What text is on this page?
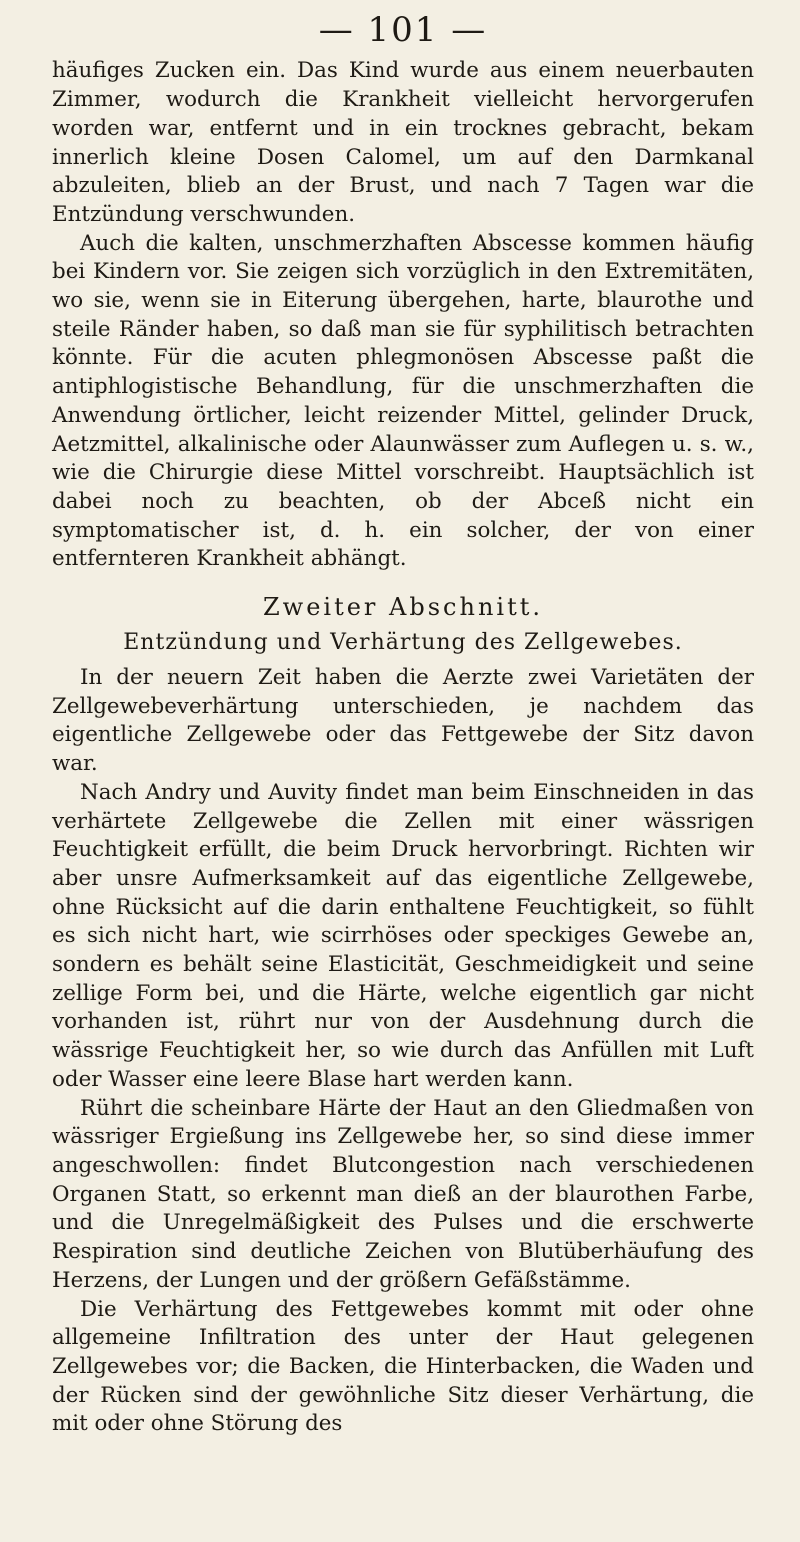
— 101 —

häufiges Zucken ein. Das Kind wurde aus einem neuerbauten Zimmer, wodurch die Krankheit vielleicht hervorgerufen worden war, entfernt und in ein trocknes gebracht, bekam innerlich kleine Dosen Calomel, um auf den Darmkanal abzuleiten, blieb an der Brust, und nach 7 Tagen war die Entzündung verschwunden.

Auch die kalten, unschmerzhaften Abscesse kommen häufig bei Kindern vor. Sie zeigen sich vorzüglich in den Extremitäten, wo sie, wenn sie in Eiterung übergehen, harte, blaurothe und steile Ränder haben, so daß man sie für syphilitisch betrachten könnte. Für die acuten phlegmonösen Abscesse paßt die antiphlogistische Behandlung, für die unschmerzhaften die Anwendung örtlicher, leicht reizender Mittel, gelinder Druck, Aetzmittel, alkalinische oder Alaunwässer zum Auflegen u. s. w., wie die Chirurgie diese Mittel vorschreibt. Hauptsächlich ist dabei noch zu beachten, ob der Abceß nicht ein symptomatischer ist, d. h. ein solcher, der von einer entfernteren Krankheit abhängt.

Zweiter Abschnitt.
Entzündung und Verhärtung des Zellgewebes.

In der neuern Zeit haben die Aerzte zwei Varietäten der Zellgewebeverhärtung unterschieden, je nachdem das eigentliche Zellgewebe oder das Fettgewebe der Sitz davon war.

Nach Andry und Auvity findet man beim Einschneiden in das verhärtete Zellgewebe die Zellen mit einer wässrigen Feuchtigkeit erfüllt, die beim Druck hervorbringt. Richten wir aber unsre Aufmerksamkeit auf das eigentliche Zellgewebe, ohne Rücksicht auf die darin enthaltene Feuchtigkeit, so fühlt es sich nicht hart, wie scirrhöses oder speckiges Gewebe an, sondern es behält seine Elasticität, Geschmeidigkeit und seine zellige Form bei, und die Härte, welche eigentlich gar nicht vorhanden ist, rührt nur von der Ausdehnung durch die wässrige Feuchtigkeit her, so wie durch das Anfüllen mit Luft oder Wasser eine leere Blase hart werden kann.

Rührt die scheinbare Härte der Haut an den Gliedmaßen von wässriger Ergießung ins Zellgewebe her, so sind diese immer angeschwollen: findet Blutcongestion nach verschiedenen Organen Statt, so erkennt man dieß an der blaurothen Farbe, und die Unregelmäßigkeit des Pulses und die erschwerte Respiration sind deutliche Zeichen von Blutüberhäufung des Herzens, der Lungen und der größern Gefäßstämme.

Die Verhärtung des Fettgewebes kommt mit oder ohne allgemeine Infiltration des unter der Haut gelegenen Zellgewebes vor; die Backen, die Hinterbacken, die Waden und der Rücken sind der gewöhnliche Sitz dieser Verhärtung, die mit oder ohne Störung des
